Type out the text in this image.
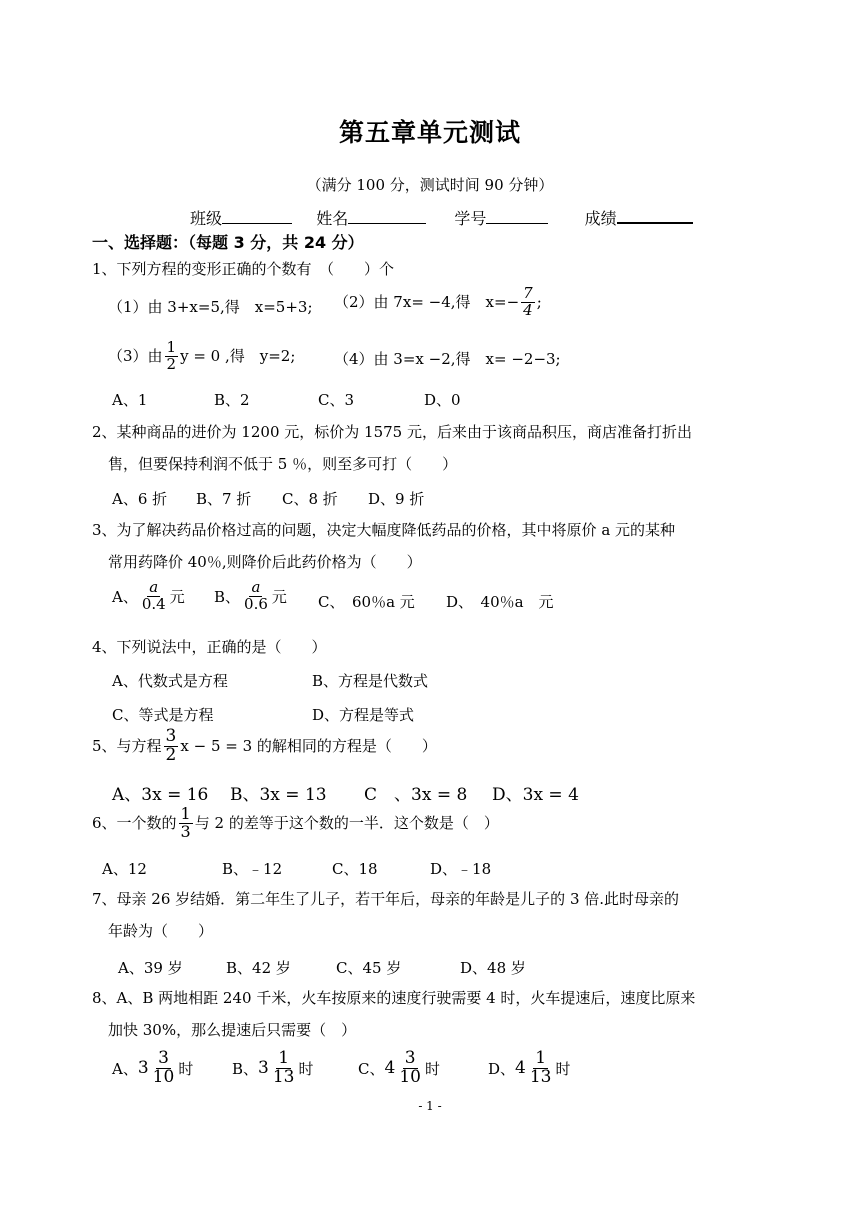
第五章单元测试
（满分 100 分，测试时间 90 分钟）
班级	姓名	学号	成绩
一、选择题：（每题 3 分，共 24 分）
1、下列方程的变形正确的个数有　（　　）个
（1）由 3+x=5,得　x=5+3; （2）由 7x= −4,得　$x= - \frac{7}{4}$ ;
（3）由 $\frac{1}{2}$ y = 0 ,得　y=2;	（4）由 3=x −2,得　x= −2−3;
A、1	B、2	C、3	D、0
2、某种商品的进价为 1200 元，标价为 1575 元，后来由于该商品积压，商店准备打折出
售，但要保持利润不低于 5 ％，则至多可打（　　）
A、6 折 B、7 折 C、8 折 D、9 折
3、为了解决药品价格过高的问题，决定大幅度降低药品的价格，其中将原价 a 元的某种
常用药降价 40％,则降价后此药价格为（　　）
A、 $\frac{a}{0.4}$ 元 B、 $\frac{a}{0.6}$ 元 C、　60％a 元 D、　40％a　元
4、下列说法中，正确的是（　　）
A、代数式是方程	B、方程是代数式
C、等式是方程	D、方程是等式
5、与方程 $\frac{3}{2}$ x − 5 = 3 的解相同的方程是（　　）
A、3x = 16 B、3x = 13 C　、3x = 8 D、3x = 4
6、一个数的 $\frac{1}{3}$ 与 2 的差等于这个数的一半．这个数是（　）
A、12	B、﹣12	C、18	D、﹣18
7、母亲 26 岁结婚．第二年生了儿子，若干年后，母亲的年龄是儿子的 3 倍.此时母亲的
年龄为（　　）
A、39 岁	B、42 岁	C、45 岁	D、48 岁
8、A、B 两地相距 240 千米，火车按原来的速度行驶需要 4 时，火车提速后，速度比原来
加快 30%，那么提速后只需要（　）
A、 $3 \frac{3}{10}$ 时	B、 $3 \frac{1}{13}$ 时	C、 $4 \frac{3}{10}$ 时	D、 $4 \frac{1}{13}$ 时
- 1 -
